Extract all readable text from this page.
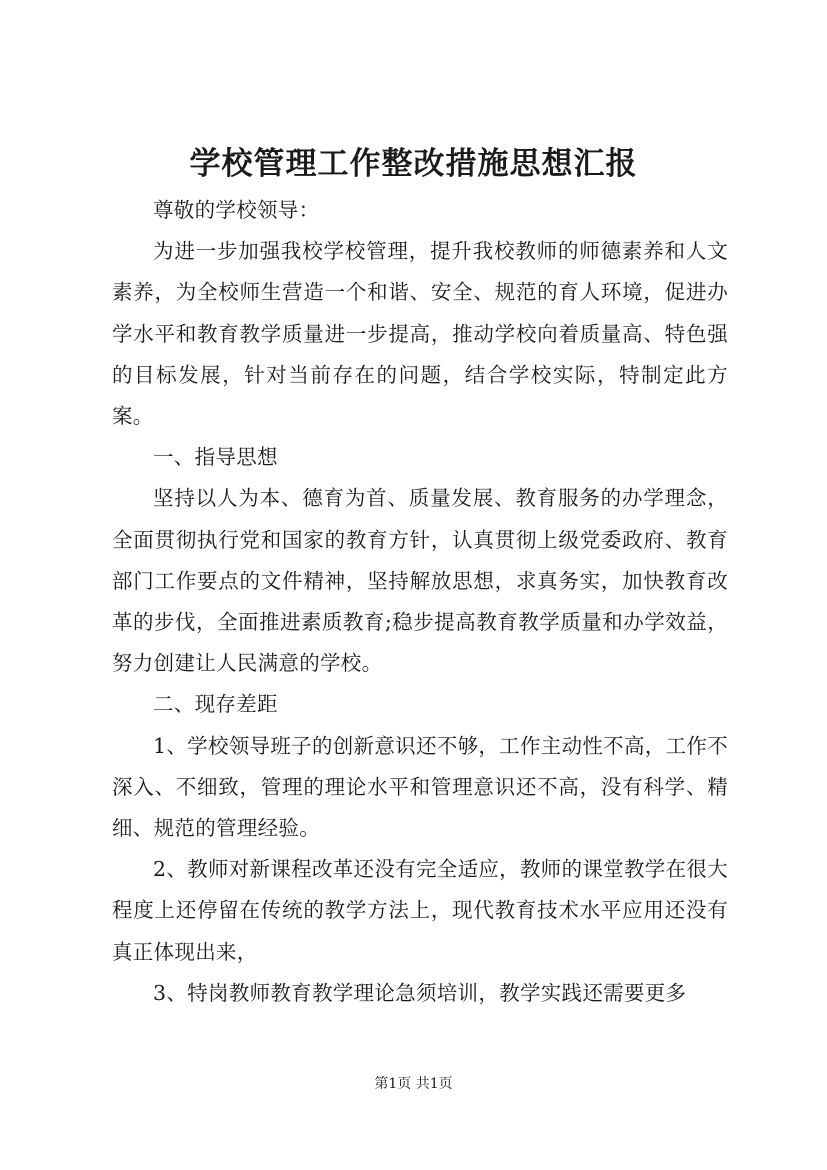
学校管理工作整改措施思想汇报

尊敬的学校领导：

为进一步加强我校学校管理，提升我校教师的师德素养和人文素养，为全校师生营造一个和谐、安全、规范的育人环境，促进办学水平和教育教学质量进一步提高，推动学校向着质量高、特色强的目标发展，针对当前存在的问题，结合学校实际，特制定此方案。

一、指导思想

坚持以人为本、德育为首、质量发展、教育服务的办学理念，全面贯彻执行党和国家的教育方针，认真贯彻上级党委政府、教育部门工作要点的文件精神，坚持解放思想，求真务实，加快教育改革的步伐，全面推进素质教育;稳步提高教育教学质量和办学效益，努力创建让人民满意的学校。

二、现存差距

1、学校领导班子的创新意识还不够，工作主动性不高，工作不深入、不细致，管理的理论水平和管理意识还不高，没有科学、精细、规范的管理经验。

2、教师对新课程改革还没有完全适应，教师的课堂教学在很大程度上还停留在传统的教学方法上，现代教育技术水平应用还没有真正体现出来，

3、特岗教师教育教学理论急须培训，教学实践还需要更多

第1页 共1页
